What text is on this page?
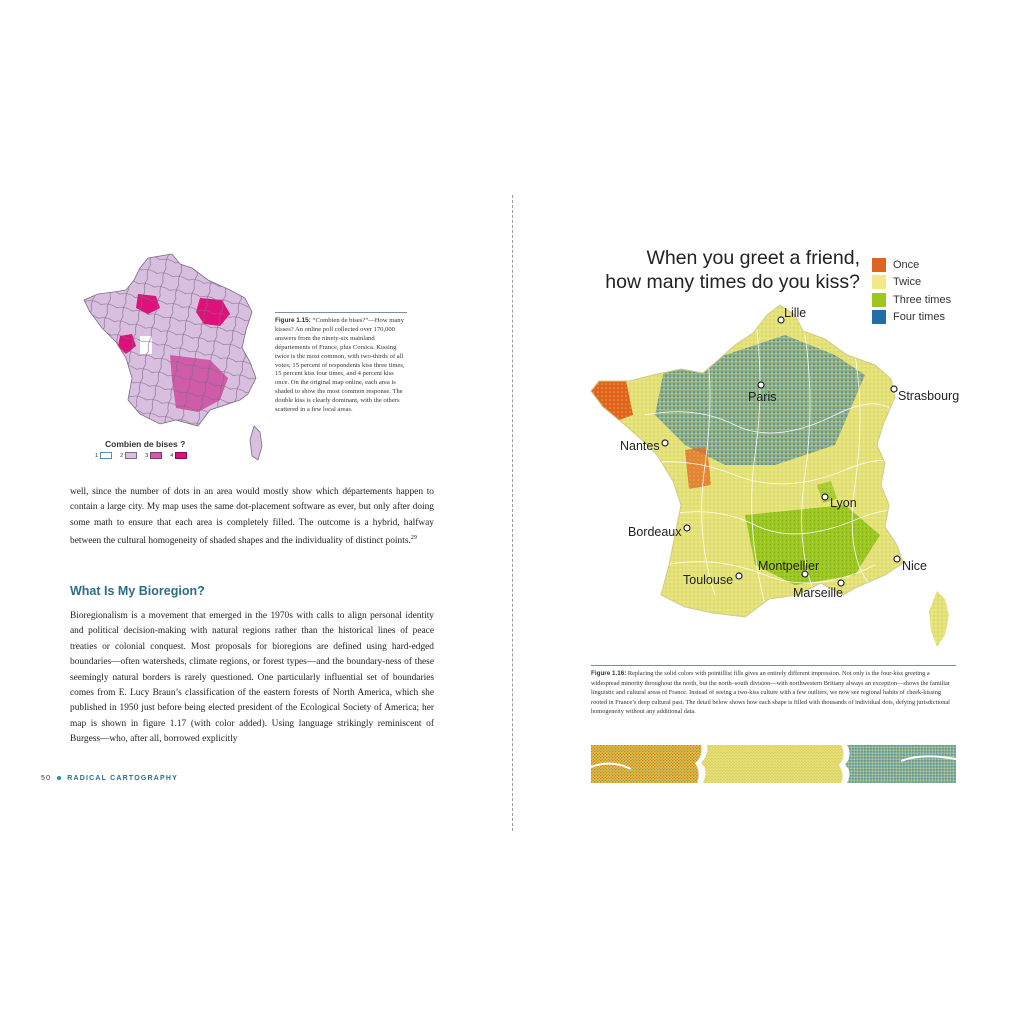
Figure 1.15: “Combien de bises?”—How many kisses? An online poll collected over 170,000 answers from the ninety-six mainland départements of France, plus Corsica. Kissing twice is the most common, with two-thirds of all votes; 15 percent of respondents kiss three times, 15 percent kiss four times, and 4 percent kiss once. On the original map online, each area is shaded to show the most common response. The double kiss is clearly dominant, with the others scattered in a few local areas.
Combien de bises ?
1	2	3	4

well, since the number of dots in an area would mostly show which départements happen to contain a large city. My map uses the same dot-placement software as ever, but only after doing some math to ensure that each area is completely filled. The outcome is a hybrid, halfway between the cultural homogeneity of shaded shapes and the individuality of distinct points.$^{29}$

What Is My Bioregion?

Bioregionalism is a movement that emerged in the 1970s with calls to align personal identity and political decision-making with natural regions rather than the historical lines of peace treaties or colonial conquest. Most proposals for bioregions are defined using hard-edged boundaries—often watersheds, climate regions, or forest types—and the boundary-ness of these seemingly natural borders is rarely questioned. One particularly influential set of boundaries comes from E. Lucy Braun’s classification of the eastern forests of North America, which she published in 1950 just before being elected president of the Ecological Society of America; her map is shown in figure 1.17 (with color added). Using language strikingly reminiscent of Burgess—who, after all, borrowed explicitly

50 RADICAL CARTOGRAPHY
When you greet a friend,
how many times do you kiss?
Once
Twice
Three times
Four times
Lille
Paris	Strasbourg
Nantes
Lyon
Bordeaux
Nice
Montpellier
Toulouse
Marseille
Figure 1.16: Replacing the solid colors with pointillist fills gives an entirely different impression. Not only is the four-kiss greeting a widespread minority throughout the north, but the north–south division—with northwestern Brittany always an exception—shows the familiar linguistic and cultural areas of France. Instead of seeing a two-kiss culture with a few outliers, we now see regional habits of cheek-kissing rooted in France’s deep cultural past. The detail below shows how each shape is filled with thousands of individual dots, defying jurisdictional homogeneity without any additional data.
